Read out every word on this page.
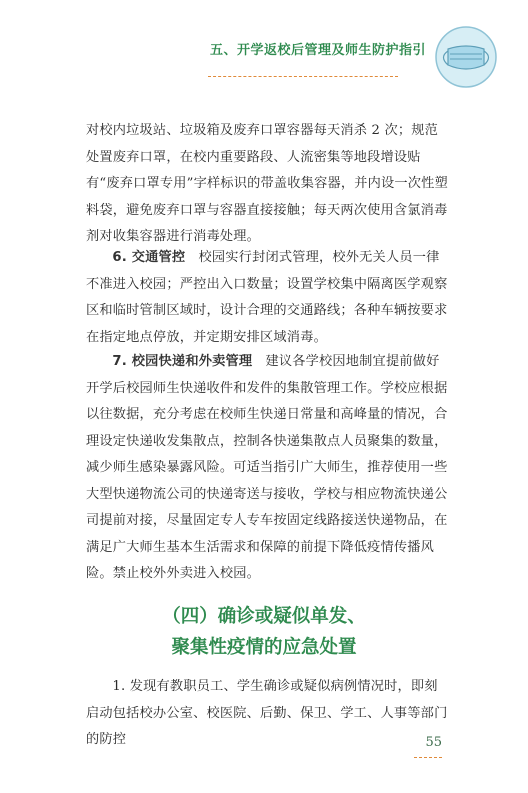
五、开学返校后管理及师生防护指引

对校内垃圾站、垃圾箱及废弃口罩容器每天消杀 2 次；规范处置废弃口罩，在校内重要路段、人流密集等地段增设贴有“废弃口罩专用”字样标识的带盖收集容器，并内设一次性塑料袋，避免废弃口罩与容器直接接触；每天两次使用含氯消毒剂对收集容器进行消毒处理。

6. 交通管控 校园实行封闭式管理，校外无关人员一律不准进入校园；严控出入口数量；设置学校集中隔离医学观察区和临时管制区域时，设计合理的交通路线；各种车辆按要求在指定地点停放，并定期安排区域消毒。

7. 校园快递和外卖管理 建议各学校因地制宜提前做好开学后校园师生快递收件和发件的集散管理工作。学校应根据以往数据，充分考虑在校师生快递日常量和高峰量的情况，合理设定快递收发集散点，控制各快递集散点人员聚集的数量，减少师生感染暴露风险。可适当指引广大师生，推荐使用一些大型快递物流公司的快递寄送与接收，学校与相应物流快递公司提前对接，尽量固定专人专车按固定线路接送快递物品，在满足广大师生基本生活需求和保障的前提下降低疫情传播风险。禁止校外外卖进入校园。

（四）确诊或疑似单发、
聚集性疫情的应急处置

1. 发现有教职员工、学生确诊或疑似病例情况时，即刻启动包括校办公室、校医院、后勤、保卫、学工、人事等部门的防控	55
